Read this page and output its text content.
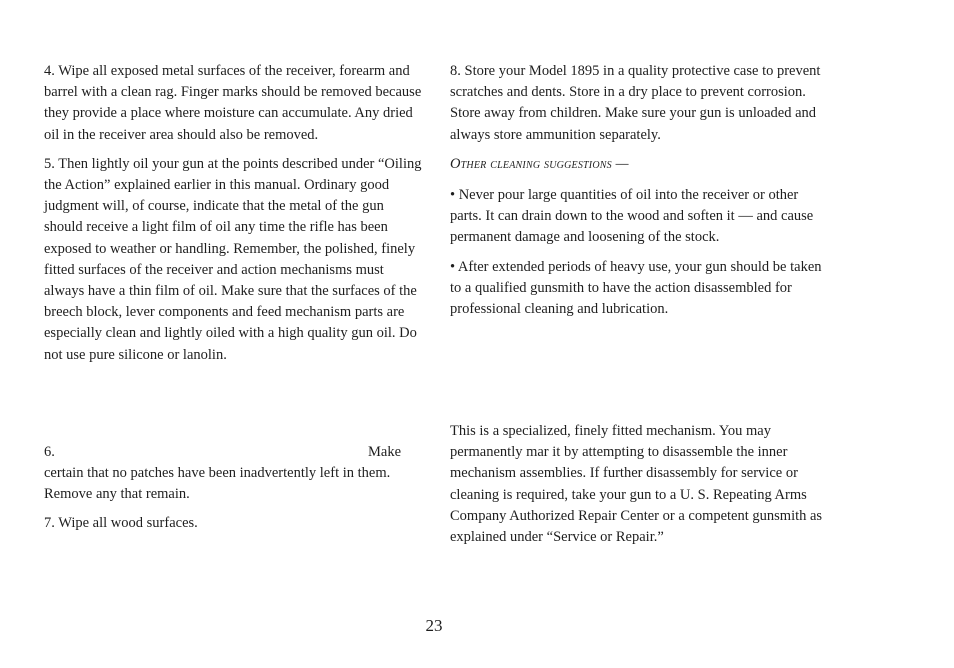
4. Wipe all exposed metal surfaces of the receiver, forearm and barrel with a clean rag. Finger marks should be removed because they provide a place where moisture can accumulate. Any dried oil in the receiver area should also be removed.

5. Then lightly oil your gun at the points described under “Oiling the Action” explained earlier in this manual. Ordinary good judgment will, of course, indicate that the metal of the gun should receive a light film of oil any time the rifle has been exposed to weather or handling. Remember, the polished, finely fitted surfaces of the receiver and action mechanisms must always have a thin film of oil. Make sure that the surfaces of the breech block, lever components and feed mechanism parts are especially clean and lightly oiled with a high quality gun oil. Do not use pure silicone or lanolin.

6.	Make

certain that no patches have been inadvertently left in them. Remove any that remain.

7. Wipe all wood surfaces.

8. Store your Model 1895 in a quality protective case to prevent scratches and dents. Store in a dry place to prevent corrosion. Store away from children. Make sure your gun is unloaded and always store ammunition separately.

Other cleaning suggestions —

• Never pour large quantities of oil into the receiver or other parts. It can drain down to the wood and soften it — and cause permanent damage and loosening of the stock.

• After extended periods of heavy use, your gun should be taken to a qualified gunsmith to have the action disassembled for professional cleaning and lubrication.

This is a specialized, finely fitted mechanism. You may permanently mar it by attempting to disassemble the inner mechanism assemblies. If further disassembly for service or cleaning is required, take your gun to a U. S. Repeating Arms Company Authorized Repair Center or a competent gunsmith as explained under “Service or Repair.”

23
